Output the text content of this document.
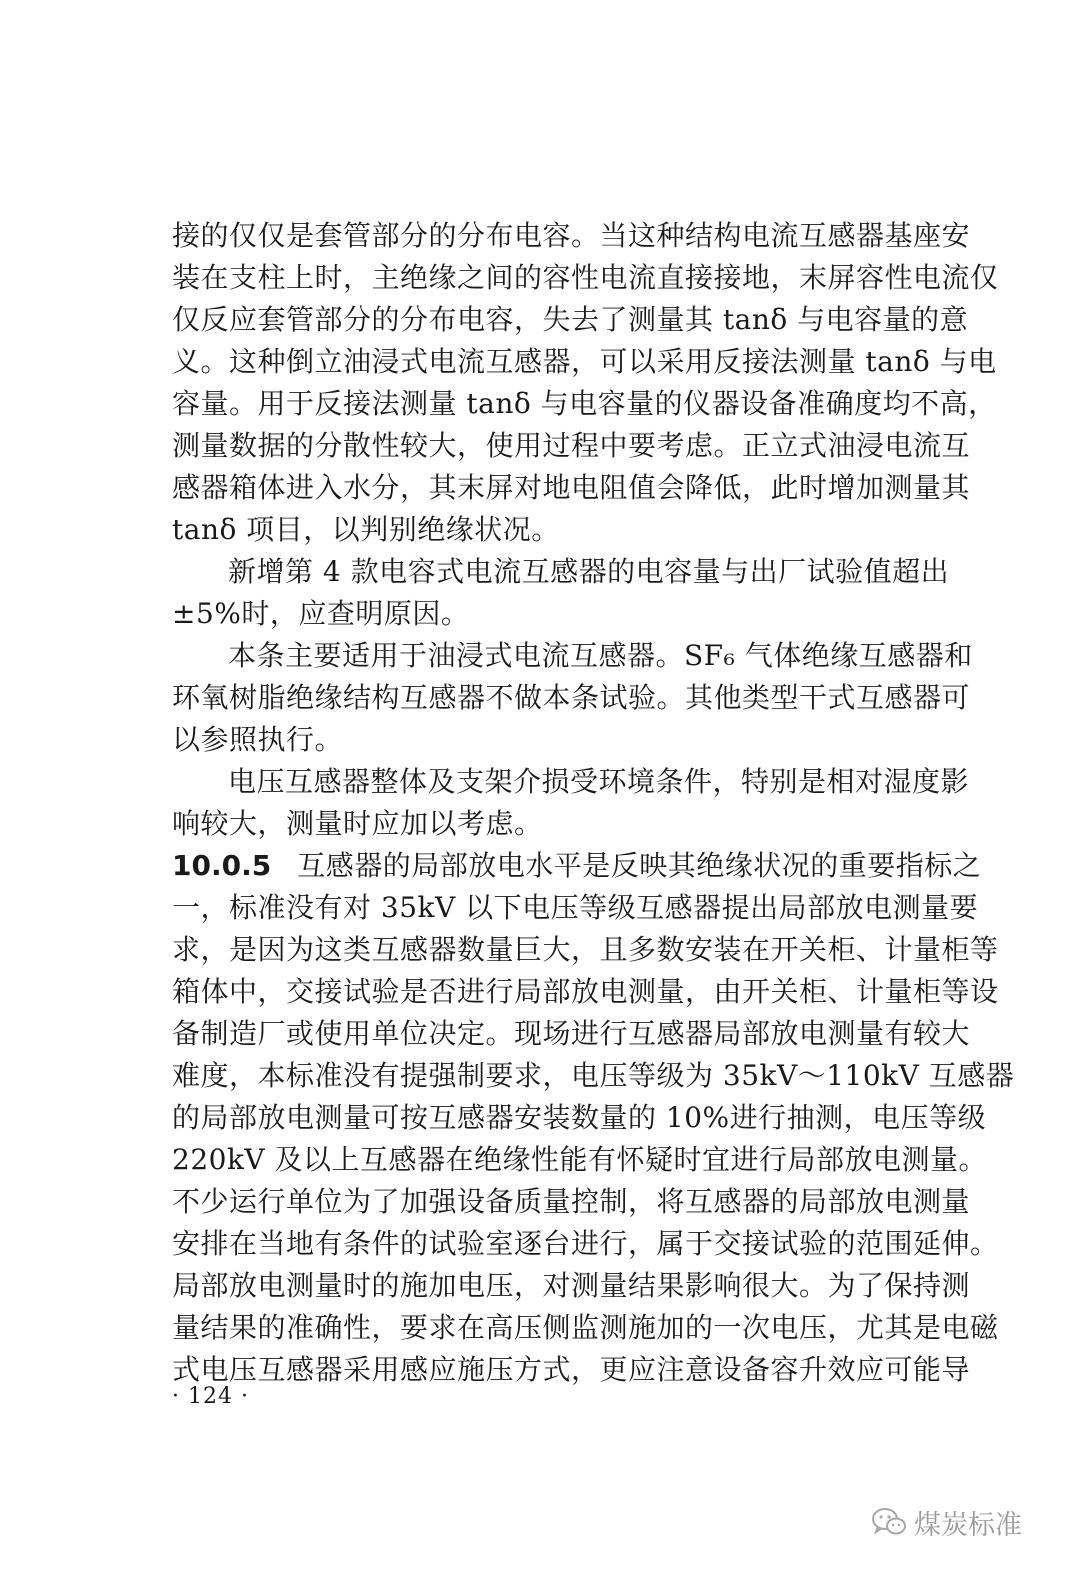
接的仅仅是套管部分的分布电容。当这种结构电流互感器基座安
装在支柱上时，主绝缘之间的容性电流直接接地，末屏容性电流仅
仅反应套管部分的分布电容，失去了测量其 tanδ 与电容量的意
义。这种倒立油浸式电流互感器，可以采用反接法测量 tanδ 与电
容量。用于反接法测量 tanδ 与电容量的仪器设备准确度均不高，
测量数据的分散性较大，使用过程中要考虑。正立式油浸电流互
感器箱体进入水分，其末屏对地电阻值会降低，此时增加测量其
tanδ 项目，以判别绝缘状况。
新增第 4 款电容式电流互感器的电容量与出厂试验值超出
±5%时，应查明原因。
本条主要适用于油浸式电流互感器。SF₆ 气体绝缘互感器和
环氧树脂绝缘结构互感器不做本条试验。其他类型干式互感器可
以参照执行。
电压互感器整体及支架介损受环境条件，特别是相对湿度影
响较大，测量时应加以考虑。
10.0.5 互感器的局部放电水平是反映其绝缘状况的重要指标之
一，标准没有对 35kV 以下电压等级互感器提出局部放电测量要
求，是因为这类互感器数量巨大，且多数安装在开关柜、计量柜等
箱体中，交接试验是否进行局部放电测量，由开关柜、计量柜等设
备制造厂或使用单位决定。现场进行互感器局部放电测量有较大
难度，本标准没有提强制要求，电压等级为 35kV～110kV 互感器
的局部放电测量可按互感器安装数量的 10%进行抽测，电压等级
220kV 及以上互感器在绝缘性能有怀疑时宜进行局部放电测量。
不少运行单位为了加强设备质量控制，将互感器的局部放电测量
安排在当地有条件的试验室逐台进行，属于交接试验的范围延伸。
局部放电测量时的施加电压，对测量结果影响很大。为了保持测
量结果的准确性，要求在高压侧监测施加的一次电压，尤其是电磁
式电压互感器采用感应施压方式，更应注意设备容升效应可能导
· 124 ·
煤炭标准
